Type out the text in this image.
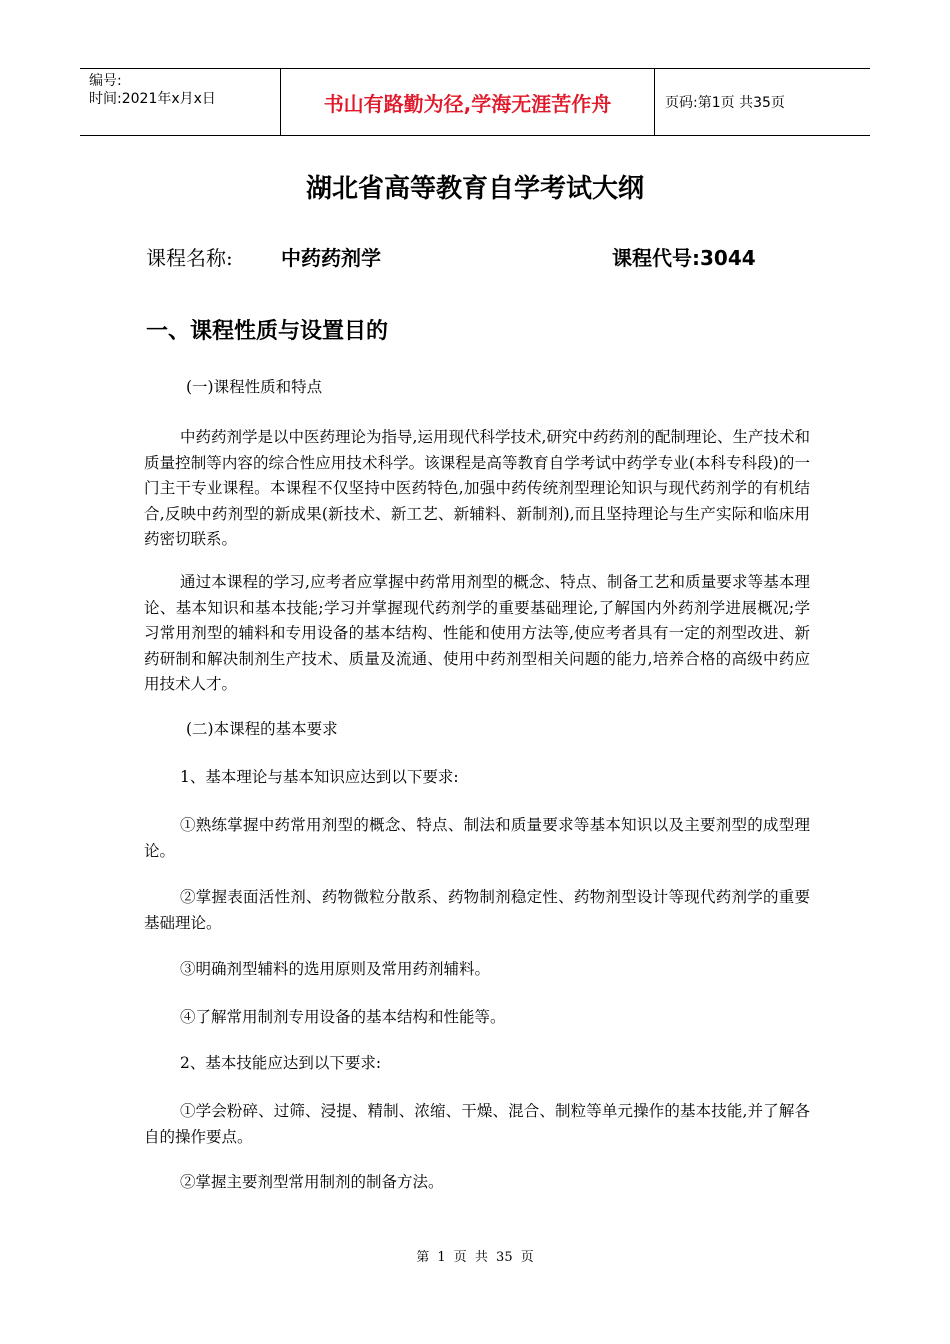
编号:
时间:2021年x月x日	书山有路勤为径,学海无涯苦作舟	页码:第1页 共35页
湖北省高等教育自学考试大纲
课程名称: 中药药剂学	课程代号:3044
一、课程性质与设置目的
(一)课程性质和特点
中药药剂学是以中医药理论为指导,运用现代科学技术,研究中药药剂的配制理论、生产技术和质量控制等内容的综合性应用技术科学。该课程是高等教育自学考试中药学专业(本科专科段)的一门主干专业课程。本课程不仅坚持中医药特色,加强中药传统剂型理论知识与现代药剂学的有机结合,反映中药剂型的新成果(新技术、新工艺、新辅料、新制剂),而且坚持理论与生产实际和临床用药密切联系。
通过本课程的学习,应考者应掌握中药常用剂型的概念、特点、制备工艺和质量要求等基本理论、基本知识和基本技能;学习并掌握现代药剂学的重要基础理论,了解国内外药剂学进展概况;学习常用剂型的辅料和专用设备的基本结构、性能和使用方法等,使应考者具有一定的剂型改进、新药研制和解决制剂生产技术、质量及流通、使用中药剂型相关问题的能力,培养合格的高级中药应用技术人才。
(二)本课程的基本要求
1、基本理论与基本知识应达到以下要求:
①熟练掌握中药常用剂型的概念、特点、制法和质量要求等基本知识以及主要剂型的成型理论。
②掌握表面活性剂、药物微粒分散系、药物制剂稳定性、药物剂型设计等现代药剂学的重要基础理论。
③明确剂型辅料的选用原则及常用药剂辅料。
④了解常用制剂专用设备的基本结构和性能等。
2、基本技能应达到以下要求:
①学会粉碎、过筛、浸提、精制、浓缩、干燥、混合、制粒等单元操作的基本技能,并了解各自的操作要点。
②掌握主要剂型常用制剂的制备方法。
第 1 页 共 35 页
